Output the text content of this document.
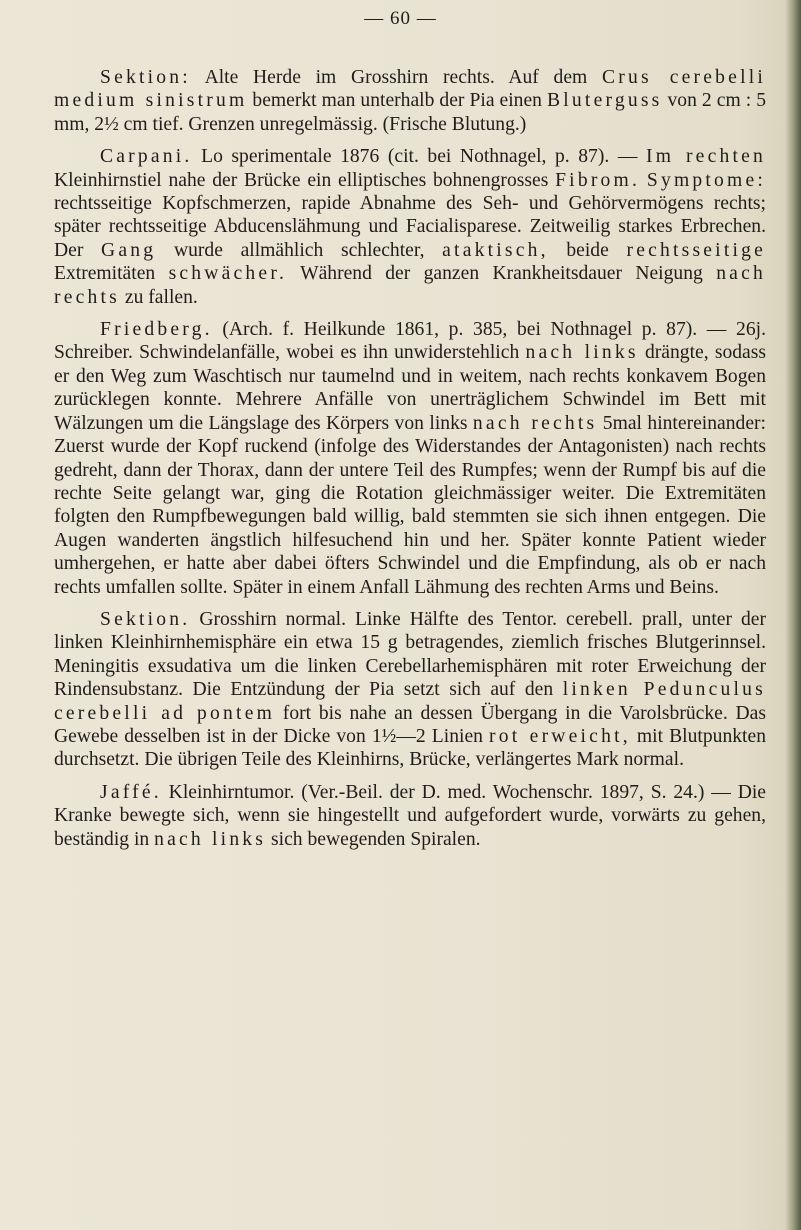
— 60 —

Sektion: Alte Herde im Grosshirn rechts. Auf dem Crus cerebelli medium sinistrum bemerkt man unterhalb der Pia einen Bluterguss von 2 cm : 5 mm, 2½ cm tief. Grenzen unregelmässig. (Frische Blutung.)

Carpani. Lo sperimentale 1876 (cit. bei Nothnagel, p. 87). — Im rechten Kleinhirnstiel nahe der Brücke ein elliptisches bohnengrosses Fibrom. Symptome: rechtsseitige Kopfschmerzen, rapide Abnahme des Seh- und Gehörvermögens rechts; später rechtsseitige Abducenslähmung und Facialisparese. Zeitweilig starkes Erbrechen. Der Gang wurde allmählich schlechter, ataktisch, beide rechtsseitige Extremitäten schwächer. Während der ganzen Krankheitsdauer Neigung nach rechts zu fallen.

Friedberg. (Arch. f. Heilkunde 1861, p. 385, bei Nothnagel p. 87). — 26j. Schreiber. Schwindelanfälle, wobei es ihn unwiderstehlich nach links drängte, sodass er den Weg zum Waschtisch nur taumelnd und in weitem, nach rechts konkavem Bogen zurücklegen konnte. Mehrere Anfälle von unerträglichem Schwindel im Bett mit Wälzungen um die Längslage des Körpers von links nach rechts 5mal hintereinander: Zuerst wurde der Kopf ruckend (infolge des Widerstandes der Antagonisten) nach rechts gedreht, dann der Thorax, dann der untere Teil des Rumpfes; wenn der Rumpf bis auf die rechte Seite gelangt war, ging die Rotation gleichmässiger weiter. Die Extremitäten folgten den Rumpfbewegungen bald willig, bald stemmten sie sich ihnen entgegen. Die Augen wanderten ängstlich hilfesuchend hin und her. Später konnte Patient wieder umhergehen, er hatte aber dabei öfters Schwindel und die Empfindung, als ob er nach rechts umfallen sollte. Später in einem Anfall Lähmung des rechten Arms und Beins.

Sektion. Grosshirn normal. Linke Hälfte des Tentor. cerebell. prall, unter der linken Kleinhirnhemisphäre ein etwa 15 g betragendes, ziemlich frisches Blutgerinnsel. Meningitis exsudativa um die linken Cerebellarhemisphären mit roter Erweichung der Rindensubstanz. Die Entzündung der Pia setzt sich auf den linken Pedunculus cerebelli ad pontem fort bis nahe an dessen Übergang in die Varolsbrücke. Das Gewebe desselben ist in der Dicke von 1½—2 Linien rot erweicht, mit Blutpunkten durchsetzt. Die übrigen Teile des Kleinhirns, Brücke, verlängertes Mark normal.

Jaffé. Kleinhirntumor. (Ver.-Beil. der D. med. Wochenschr. 1897, S. 24.) — Die Kranke bewegte sich, wenn sie hingestellt und aufgefordert wurde, vorwärts zu gehen, beständig in nach links sich bewegenden Spiralen.
